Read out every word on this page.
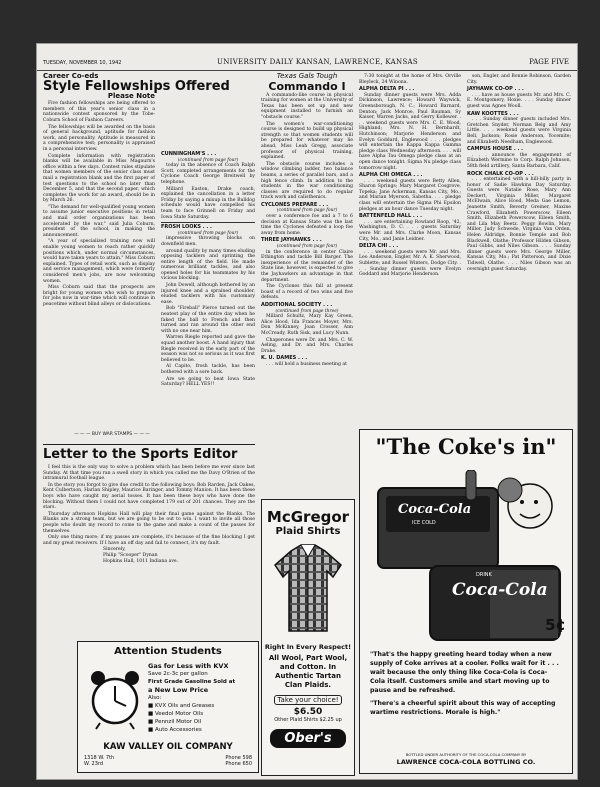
TUESDAY, NOVEMBER 10, 1942	UNIVERSITY DAILY KANSAN, LAWRENCE, KANSAS	PAGE FIVE
Career Co-eds
Style Fellowships Offered
Please Note

Five fashion fellowships are being offered to members of this year's senior class in a nationwide contest sponsored by the Tobe-Coburn School of Fashion Careers.

The fellowships will be awarded on the basis of general background, aptitude for fashion work, and personality. Aptitude is measured in a comprehensive test; personality is appraised in a personal interview.

Complete information with registration blanks will be available in Miss Magaurn's office within a few days. Contest rules stipulate that women members of the senior class must mail a registration blank and the first paper of test questions to the school no later than December 5, and that the second paper, which completes the work for an award, should be in by March 26.

"The demand for well-qualified young women to assume junior executive positions in retail and mail order organizations has been accelerated by the war," said Julia Coburn, president of the school, in making the announcement.

"A year of specialized training now will enable young women to reach rather quickly positions which, under normal circumstances, would have taken years to attain." Miss Coburn explained. Types of retail work, such as display and service management, which were formerly considered men's jobs, are now welcoming women.

Miss Coburn said that the prospects are bright for young women who wish to prepare for jobs now in war-time which will continue in peacetime without blind alleys or dislocations.

— — — BUY WAR STAMPS — — —
CUNNINGHAM'S . . .
(continued from page four)

today in the absence of Coach Ralph Scott, completed arrangements for the Cyclone Coach George Breitwell by telephone.

Millard Easton, Drake coach, explained the cancellation in a letter Friday by saying a mixup in the Bulldog schedule would have compelled his team to face Grinnell on Friday and Iowa State Saturday.

FROSH LOOKS . . .
(continued from page four)

impressive throwing blocks on downfield men.

around quality by many times eluding opposing tacklers and sprinting the entire length of the field. He made numerous brilliant tackles, and also opened holes for his teammates by his vicious blocking.

John Dowell, although bothered by an injured knee and a sprained shoulder, eluded tacklers with his customary ease.

Bob "Fireball" Pierce turned out the neatest play of the entire day when he faked the ball to French and then turned and ran around the other end with no one near him.

Warren Riegle reported and gave the squad another boost. A hand injury that Riegle received in the early part of the season was not so serious as it was first believed to be.

Al Capito, frosh tackle, has been bothered with a sore back.

Are we going to beat Iowa State Saturday? HELL YES!!

Texas Gals Tough
Commando I

A commando-like course in physical training for women at the University of Texas has been set up and new equipment installed to furnish an "obstacle course."

The women's war-conditioning course is designed to build up physical strength so that women students will be prepared for whatever may lie ahead, Miss Leah Gregg, associate professor of physical training, explained.

The obstacle course includes a window climbing ladder, two balance beams, a series of parallel bars, and a high fence climb. In addition to the students in the war conditioning classes are required to do regular track work and calisthenics.

CYCLONES PREPARE . . .
(continued from page four)

over a conference foe and a 7 to 6 decision at Kansas State was the last time the Cyclones defeated a loop foe away from home.

THREE JAYHAWKS . . .
(continued from page four)

in the conference in center Claire Ethington and tackle Bill Barger. The inexperience of the remainder of the State line, however, is expected to give the Jayhawkers an advantage in that department.

The Cyclones this fall at present boast of a record of two wins and five defeats.

ADDITIONAL SOCIETY . . .
(continued from page three)

Millard Schultz, Mary Kay Green, Alice Hood, Ida Frances Moyer, Mrs. Don McKinney, Joan Crosser, Ann McCready, Ruth Sisk, and Lucy Nunn.

Chaperones were Dr. and Mrs. C. W. Aeling, and Dr. and Mrs. Charles Drake.

K. U. DAMES . . .

. . . will hold a business meeting at

7:30 tonight at the home of Mrs. Orville Bleyleck, 24 Winona.

ALPHA DELTA PI . . .

Sunday dinner guests were Mrs. Adda Dickinson, Lawrence; Howard Waywick, Greensborough, N. C.; Howard Barnard, Denton; Jack Monroe, Paul Bauman, Sy Kaiser, Warren Jacks, and Gerry Kollewer. . . . weekend guests were Mrs. C. E. Wood, Highland; Mrs. N. H. Bernhardt, Hutchinson; Marjorie Henderson and Evelyn Goddard, Englewood . . . pledges will entertain the Kappa Kappa Gamma pledge class Wednesday afternoon. . . . will have Alpha Tau Omega pledge class at an open dance tonight. Sigma Nu pledge class tomorrow night.

ALPHA CHI OMEGA . . .

. . . weekend guests were Betty Allen, Sharon Springs; Mary Margaret Cosgrove, Topeka; Jane Ackerman, Kansas City, Mo.; and Marian Myerson, Sabetha. . . . pledge class will entertain the Sigma Phi Epsilon pledges at an hour dance Tuesday night.

BATTENFELD HALL . . .

. . . are entertaining Rowland Roop, '42, Washington, D. C. . . . guests Saturday were Mr. and Mrs. Clarke Moon, Kansas City, Mo., and Janie Leidner.

DELTA CHI . . .

. . . weekend guests were Mr. and Mrs. Leo Anderson, Engler, Mr. A. K. Sherwood, Sublette; and Russel Winters, Dodge City. . . . Sunday dinner guests were Evelyn Goddard and Marjorie Henderson.

son, Engler, and Bonnie Robinson, Garden City.

JAYHAWK CO-OP . . .

. . . have as house guests Mr. and Mrs. C. E. Montgomery, Hoxie. . . . Sunday dinner guest was Agnes Wooll.

KAW KOOTTES . . .

. . . Sunday dinner guests included Mrs. Gretchen Snyder, Norman Belg and Amy Little. . . . weekend guests were Virginia Bell, Jackson; Rosie Anderson, Yocemite; and Elizabeth Needham, Englewood.

CAMPUS HOUSE . . .

. . . announce the engagement of Elizabeth Wermine to Corp. Ralph Johnson, 58th field artillery, Santa Barbara, Calif.

ROCK CHALK CO-OP . . .

. . . entertained with a hill-billy party in honor of Sadie Hawkins Day Saturday. Guests were Natalie Rose, Mary Ann Deckert, Virginia Miller, Margaret McElwain, Alice Hood, Meda Gae Lemon, Jeanette Smith, Beverly Greiner, Maxine Crawford, Elizabeth Powerscow, Eileen Smith, Elizabeth Powerscow, Eileen Smith, and Lila May Beetz. Peggy Bowlin, Mary Miller, Judy Schwede, Virginia Van Orden, Helen Aldridge, Bonnie Temple and Bob Blackwell, Olathe; Professor Hilden Gibson, Paul Gibbs, and Niles Gibson. . . . Sunday dinner guests were Mrs. George Miller, Kansas City, Mo.; Pat Patterson, and Dixie Tidwell, Olathe. . . . Niles Gibson was an overnight guest Saturday.

Letter to the Sports Editor

I feel this is the only way to solve a problem which has been before me ever since last Sunday. At that time you ran a swell story in which you called me the Davy O'Brien of the intramural football league.

In the story you forgot to give due credit to the following boys: Bob Rarden, Jack Oakes, Kent Culbertson, Harlan Shipley, Maurice Baringer, and Tommy Manion. It has been these boys who have caught my aerial tosses. It has been these boys who have done the blocking. Without them I could not have completed 179 out of 201 chances. They are the stars.

Thursday afternoon Hopkins Hall will play their final game against the Blanks. The Blanks are a strong team, but we are going to be out to win. I want to invite all those people who doubt my record to come to the game and make a count of the passes for themselves.

Only one thing more; if my passes are complete, it's because of the fine blocking I get and my great receivers. If I have an off day and fail to connect, it's my fault.

Sincerely,
Philip "Scooper" Dynan
Hopkins Hall, 1011 Indiana ave.
Attention Students
Gas for Less with KVX
Save 2c-3c per gallon
First Grade Gasoline Sold at
a New Low Price
Also:
■ KVX Oils and Greases
■ Veedol Motor Oils
■ Pennzil Motor Oil
■ Auto Accessories
KAW VALLEY OIL COMPANY
1318 W. 7th
W. 23rd
Phone 598
Phone 650
McGregor
Plaid Shirts
Right In Every Respect!
All Wool, Part Wool, and Cotton. In Authentic Tartan Clan Plaids.
Take your choice!
$6.50
Other Plaid Shirts $2.25 up
Ober's
"The Coke's in"
Coca-Cola
ICE COLD
DRINK
Coca-Cola
5¢

"That's the happy greeting heard today when a new supply of Coke arrives at a cooler. Folks wait for it . . . wait because the only thing like Coca-Cola is Coca-Cola itself. Customers smile and start moving up to pause and be refreshed.

"There's a cheerful spirit about this way of accepting wartime restrictions. Morale is high."

BOTTLED UNDER AUTHORITY OF THE COCA-COLA COMPANY BY
LAWRENCE COCA-COLA BOTTLING CO.
